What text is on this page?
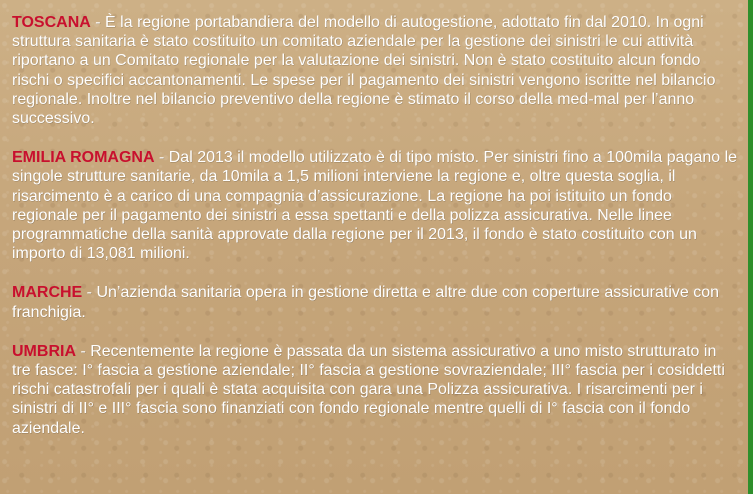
TOSCANA - È la regione portabandiera del modello di autogestione, adottato fin dal 2010. In ogni struttura sanitaria è stato costituito un comitato aziendale per la gestione dei sinistri le cui attività riportano a un Comitato regionale per la valutazione dei sinistri. Non è stato costituito alcun fondo rischi o specifici accantonamenti. Le spese per il pagamento dei sinistri vengono iscritte nel bilancio regionale. Inoltre nel bilancio preventivo della regione è stimato il corso della med-mal per l’anno successivo.

EMILIA ROMAGNA - Dal 2013 il modello utilizzato è di tipo misto. Per sinistri fino a 100mila pagano le singole strutture sanitarie, da 10mila a 1,5 milioni interviene la regione e, oltre questa soglia, il risarcimento è a carico di una compagnia d’assicurazione. La regione ha poi istituito un fondo regionale per il pagamento dei sinistri a essa spettanti e della polizza assicurativa. Nelle linee programmatiche della sanità approvate dalla regione per il 2013, il fondo è stato costituito con un importo di 13,081 milioni.

MARCHE - Un’azienda sanitaria opera in gestione diretta e altre due con coperture assicurative con franchigia.

UMBRIA - Recentemente la regione è passata da un sistema assicurativo a uno misto strutturato in tre fasce: I° fascia a gestione aziendale; II° fascia a gestione sovraziendale; III° fascia per i cosiddetti rischi catastrofali per i quali è stata acquisita con gara una Polizza assicurativa. I risarcimenti per i sinistri di II° e III° fascia sono finanziati con fondo regionale mentre quelli di I° fascia con il fondo aziendale.
